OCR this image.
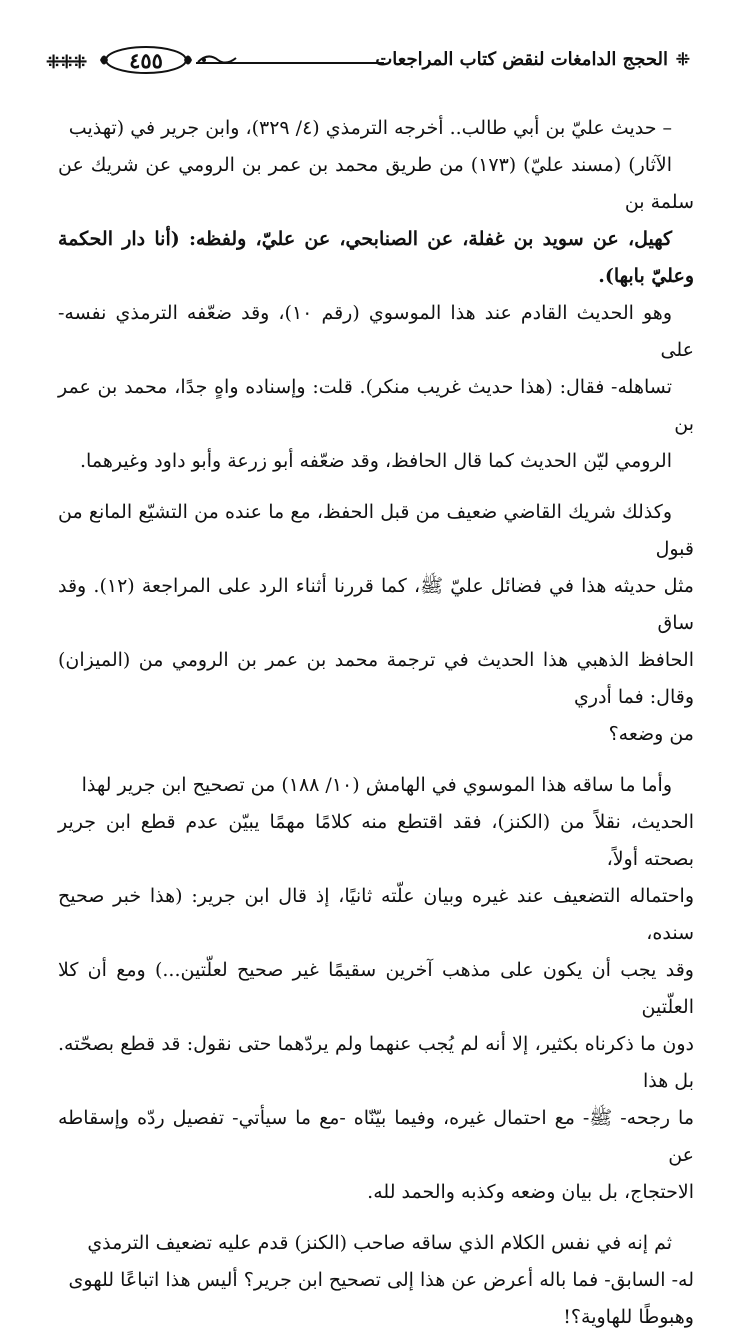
⁜⁜⁜ ٤٥٥	الحجج الدامغات لنقض كتاب المراجعات ⁜
– حديث عليّ بن أبي طالب.. أخرجه الترمذي (٤/ ٣٢٩)، وابن جرير في (تهذيب
الآثار) (مسند عليّ) (١٧٣) من طريق محمد بن عمر بن الرومي عن شريك عن سلمة بن
كهيل، عن سويد بن غفلة، عن الصنابحي، عن عليّ، ولفظه: (أنا دار الحكمة وعليّ بابها).
وهو الحديث القادم عند هذا الموسوي (رقم ١٠)، وقد ضعّفه الترمذي نفسه- على
تساهله- فقال: (هذا حديث غريب منكر). قلت: وإسناده واهٍ جدًا، محمد بن عمر بن
الرومي ليّن الحديث كما قال الحافظ، وقد ضعّفه أبو زرعة وأبو داود وغيرهما.
وكذلك شريك القاضي ضعيف من قبل الحفظ، مع ما عنده من التشيّع المانع من قبول
مثل حديثه هذا في فضائل عليّ ﷺ، كما قررنا أثناء الرد على المراجعة (١٢). وقد ساق
الحافظ الذهبي هذا الحديث في ترجمة محمد بن عمر بن الرومي من (الميزان) وقال: فما أدري
من وضعه؟
وأما ما ساقه هذا الموسوي في الهامش (١٠/ ١٨٨) من تصحيح ابن جرير لهذا
الحديث، نقلاً من (الكنز)، فقد اقتطع منه كلامًا مهمًا يبيّن عدم قطع ابن جرير بصحته أولاً،
واحتماله التضعيف عند غيره وبيان علّته ثانيًا، إذ قال ابن جرير: (هذا خبر صحيح سنده،
وقد يجب أن يكون على مذهب آخرين سقيمًا غير صحيح لعلّتين...) ومع أن كلا العلّتين
دون ما ذكرناه بكثير، إلا أنه لم يُجب عنهما ولم يردّهما حتى نقول: قد قطع بصحّته. بل هذا
ما رجحه- ﷺ- مع احتمال غيره، وفيما بيّنّاه -مع ما سيأتي- تفصيل ردّه وإسقاطه عن
الاحتجاج، بل بيان وضعه وكذبه والحمد لله.
ثم إنه في نفس الكلام الذي ساقه صاحب (الكنز) قدم عليه تضعيف الترمذي
له- السابق- فما باله أعرض عن هذا إلى تصحيح ابن جرير؟ أليس هذا اتباعًا للهوى
وهبوطًا للهاوية؟!
